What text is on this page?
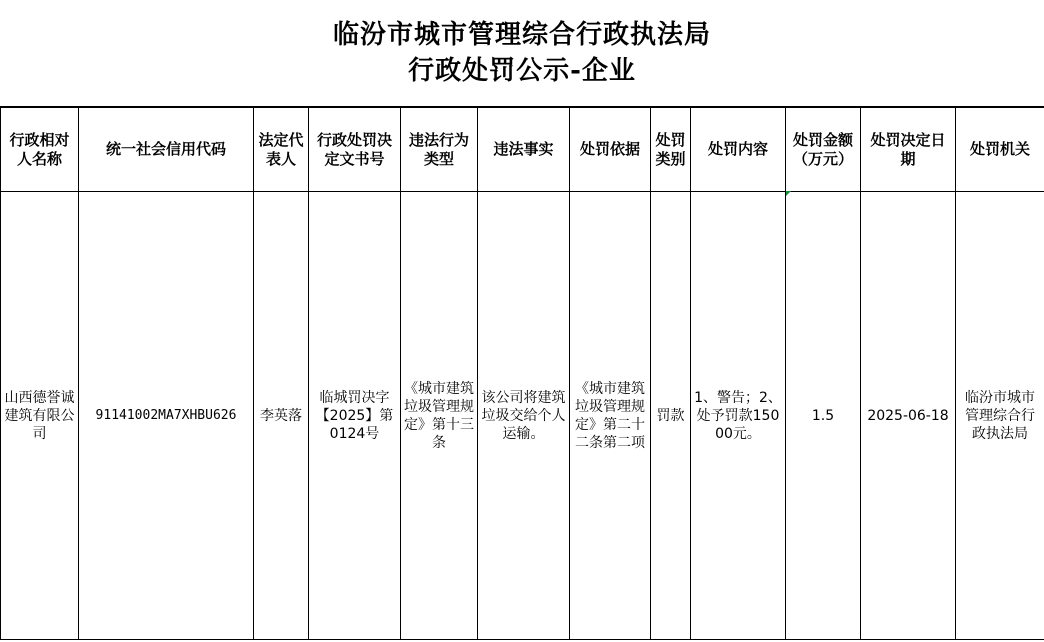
临汾市城市管理综合行政执法局
行政处罚公示-企业
行政相对人名称	统一社会信用代码	法定代表人	行政处罚决定文书号	违法行为类型	违法事实	处罚依据	处罚类别	处罚内容	处罚金额（万元）	处罚决定日期	处罚机关
山西德誉诚建筑有限公司	91141002MA7XHBU626	李英落	临城罚决字【2025】第0124号	《城市建筑垃圾管理规定》第十三条	该公司将建筑垃圾交给个人运输。	《城市建筑垃圾管理规定》第二十二条第二项	罚款	1、警告；2、处予罚款15000元。	1.5	2025-06-18	临汾市城市管理综合行政执法局
